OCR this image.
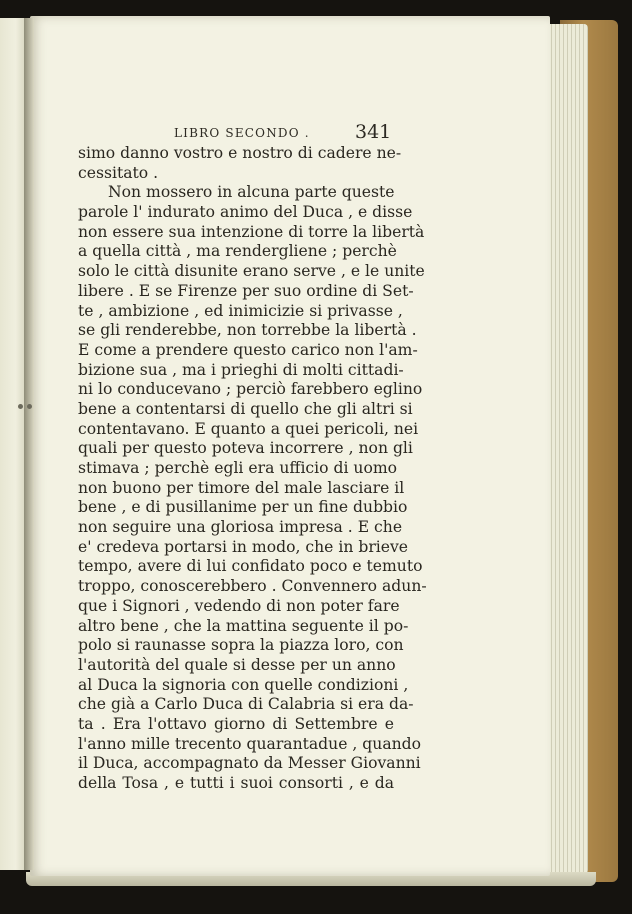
LIBRO SECONDO .	341
simo danno vostro e nostro di cadere ne-
cessitato .
Non mossero in alcuna parte queste
parole l' indurato animo del Duca , e disse
non essere sua intenzione di torre la libertà
a quella città , ma rendergliene ; perchè
solo le città disunite erano serve , e le unite
libere . E se Firenze per suo ordine di Set-
te , ambizione , ed inimicizie si privasse ,
se gli renderebbe, non torrebbe la libertà .
E come a prendere questo carico non l'am-
bizione sua , ma i prieghi di molti cittadi-
ni lo conducevano ; perciò farebbero eglino
bene a contentarsi di quello che gli altri si
contentavano. E quanto a quei pericoli, nei
quali per questo poteva incorrere , non gli
stimava ; perchè egli era ufficio di uomo
non buono per timore del male lasciare il
bene , e di pusillanime per un fine dubbio
non seguire una gloriosa impresa . E che
e' credeva portarsi in modo, che in brieve
tempo, avere di lui confidato poco e temuto
troppo, conoscerebbero . Convennero adun-
que i Signori , vedendo di non poter fare
altro bene , che la mattina seguente il po-
polo si raunasse sopra la piazza loro, con
l'autorità del quale si desse per un anno
al Duca la signoria con quelle condizioni ,
che già a Carlo Duca di Calabria si era da-
ta . Era l'ottavo giorno di Settembre e
l'anno mille trecento quarantadue , quando
il Duca, accompagnato da Messer Giovanni
della Tosa , e tutti i suoi consorti , e da
